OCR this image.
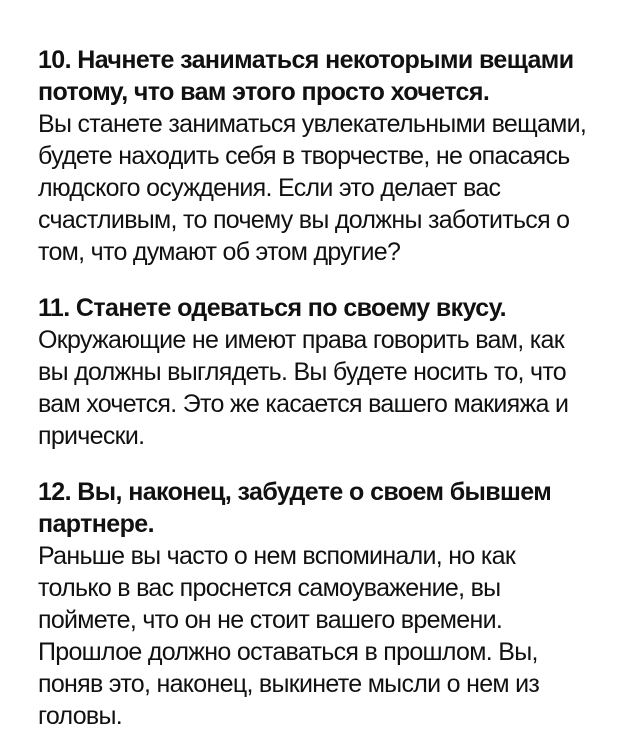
10. Начнете заниматься некоторыми вещами
потому, что вам этого просто хочется.

Вы станете заниматься увлекательными вещами,
будете находить себя в творчестве, не опасаясь
людского осуждения. Если это делает вас
счастливым, то почему вы должны заботиться о
том, что думают об этом другие?

11. Станете одеваться по своему вкусу.

Окружающие не имеют права говорить вам, как
вы должны выглядеть. Вы будете носить то, что
вам хочется. Это же касается вашего макияжа и
прически.

12. Вы, наконец, забудете о своем бывшем
партнере.

Раньше вы часто о нем вспоминали, но как
только в вас проснется самоуважение, вы
поймете, что он не стоит вашего времени.
Прошлое должно оставаться в прошлом. Вы,
поняв это, наконец, выкинете мысли о нем из
головы.
